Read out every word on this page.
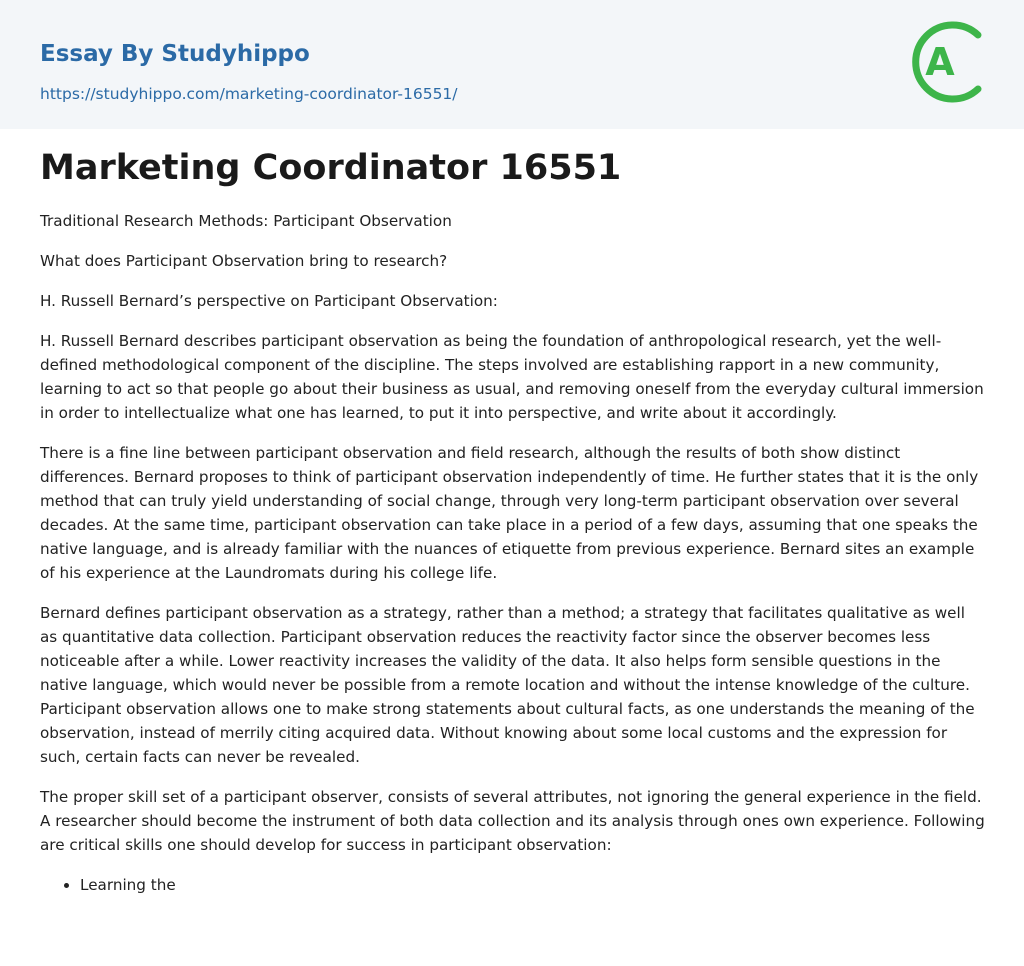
Essay By Studyhippo
https://studyhippo.com/marketing-coordinator-16551/
A
Marketing Coordinator 16551

Traditional Research Methods: Participant Observation

What does Participant Observation bring to research?

H. Russell Bernard’s perspective on Participant Observation:

H. Russell Bernard describes participant observation as being the foundation of anthropological research, yet the well-defined methodological component of the discipline. The steps involved are establishing rapport in a new community, learning to act so that people go about their business as usual, and removing oneself from the everyday cultural immersion in order to intellectualize what one has learned, to put it into perspective, and write about it accordingly.

There is a fine line between participant observation and field research, although the results of both show distinct differences. Bernard proposes to think of participant observation independently of time. He further states that it is the only method that can truly yield understanding of social change, through very long-term participant observation over several decades. At the same time, participant observation can take place in a period of a few days, assuming that one speaks the native language, and is already familiar with the nuances of etiquette from previous experience. Bernard sites an example of his experience at the Laundromats during his college life.

Bernard defines participant observation as a strategy, rather than a method; a strategy that facilitates qualitative as well as quantitative data collection. Participant observation reduces the reactivity factor since the observer becomes less noticeable after a while. Lower reactivity increases the validity of the data. It also helps form sensible questions in the native language, which would never be possible from a remote location and without the intense knowledge of the culture. Participant observation allows one to make strong statements about cultural facts, as one understands the meaning of the observation, instead of merrily citing acquired data. Without knowing about some local customs and the expression for such, certain facts can never be revealed.

The proper skill set of a participant observer, consists of several attributes, not ignoring the general experience in the field. A researcher should become the instrument of both data collection and its analysis through ones own experience. Following are critical skills one should develop for success in participant observation:

• Learning the
